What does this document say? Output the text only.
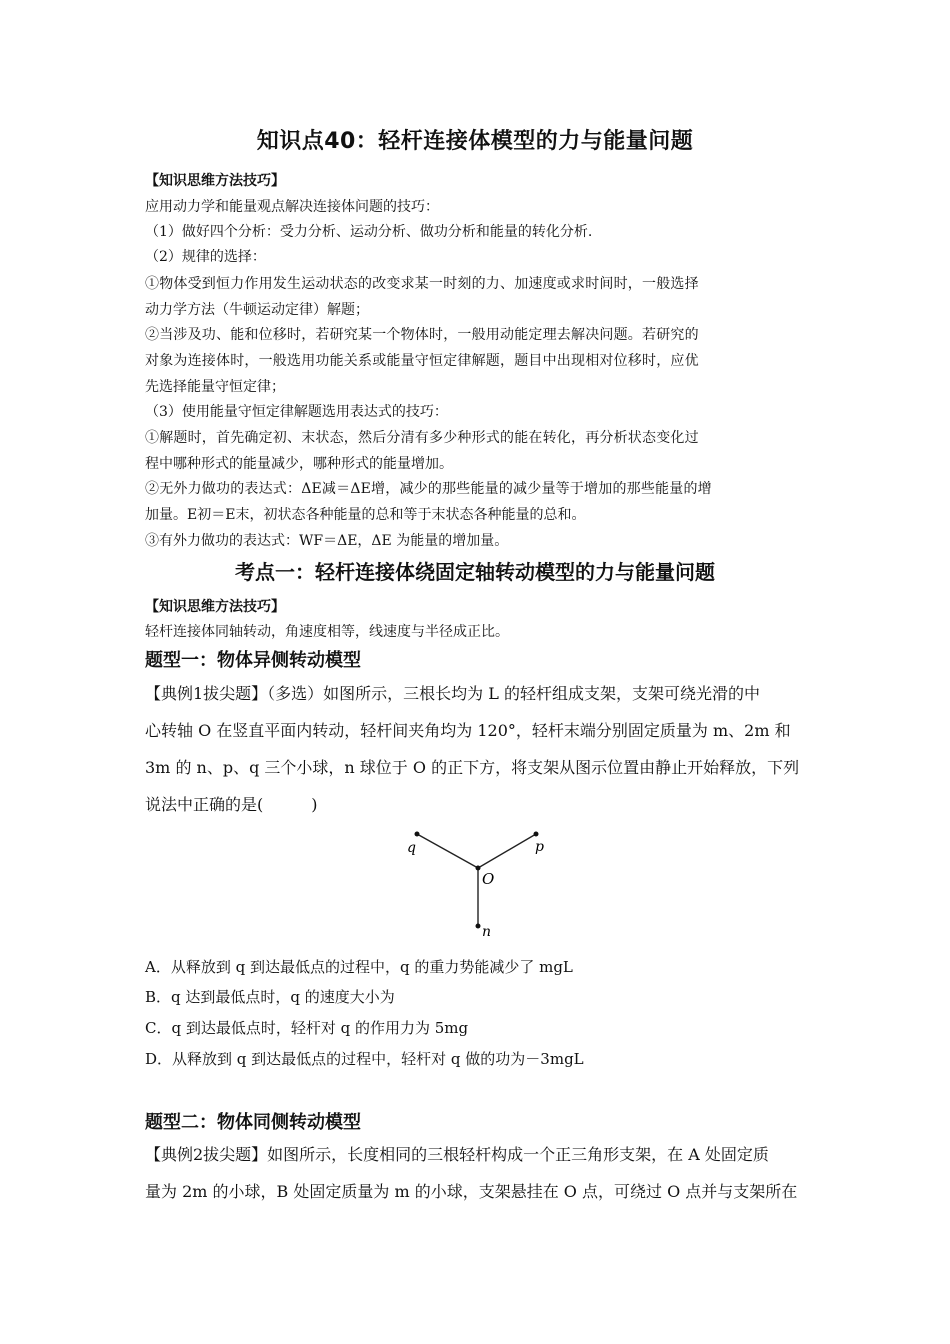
知识点40：轻杆连接体模型的力与能量问题
【知识思维方法技巧】
应用动力学和能量观点解决连接体问题的技巧：
（1）做好四个分析：受力分析、运动分析、做功分析和能量的转化分析.
（2）规律的选择：
①物体受到恒力作用发生运动状态的改变求某一时刻的力、加速度或求时间时，一般选择
动力学方法（牛顿运动定律）解题；
②当涉及功、能和位移时，若研究某一个物体时，一般用动能定理去解决问题。若研究的
对象为连接体时，一般选用功能关系或能量守恒定律解题，题目中出现相对位移时，应优
先选择能量守恒定律；
（3）使用能量守恒定律解题选用表达式的技巧：
①解题时，首先确定初、末状态，然后分清有多少种形式的能在转化，再分析状态变化过
程中哪种形式的能量减少，哪种形式的能量增加。
②无外力做功的表达式：ΔE减＝ΔE增，减少的那些能量的减少量等于增加的那些能量的增
加量。E初＝E末，初状态各种能量的总和等于末状态各种能量的总和。
③有外力做功的表达式：WF＝ΔE，ΔE 为能量的增加量。
考点一：轻杆连接体绕固定轴转动模型的力与能量问题
【知识思维方法技巧】
轻杆连接体同轴转动，角速度相等，线速度与半径成正比。
题型一：物体异侧转动模型
【典例1拔尖题】（多选）如图所示，三根长均为 L 的轻杆组成支架，支架可绕光滑的中
心转轴 O 在竖直平面内转动，轻杆间夹角均为 120°，轻杆末端分别固定质量为 m、2m 和
3m 的 n、p、q 三个小球，n 球位于 O 的正下方，将支架从图示位置由静止开始释放，下列
说法中正确的是(　　　)
q	p
O
n
A．从释放到 q 到达最低点的过程中，q 的重力势能减少了 mgL
B．q 达到最低点时，q 的速度大小为
C．q 到达最低点时，轻杆对 q 的作用力为 5mg
D．从释放到 q 到达最低点的过程中，轻杆对 q 做的功为－3mgL
题型二：物体同侧转动模型
【典例2拔尖题】如图所示，长度相同的三根轻杆构成一个正三角形支架，在 A 处固定质
量为 2m 的小球，B 处固定质量为 m 的小球，支架悬挂在 O 点，可绕过 O 点并与支架所在
